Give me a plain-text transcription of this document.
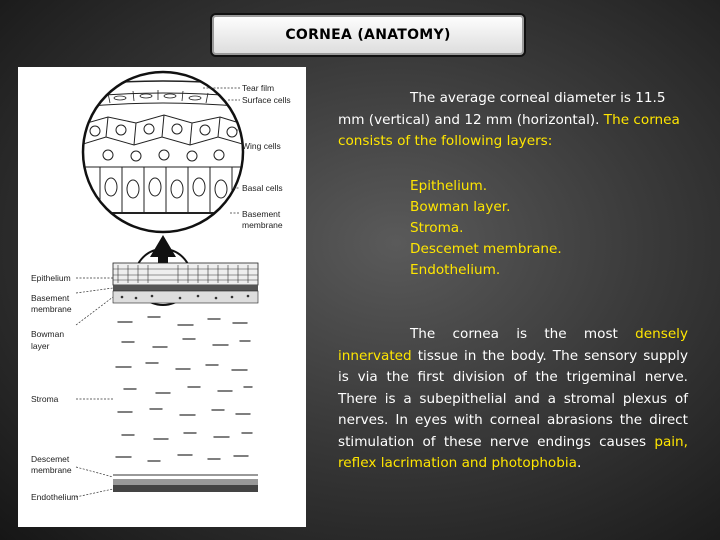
CORNEA (ANATOMY)
Tear film
Surface cells
Wing cells
Basal cells
Basement
membrane
Epithelium
Basement
membrane
Bowman
layer
Stroma
Descemet
membrane
Endothelium
The average corneal diameter is 11.5 mm (vertical) and 12 mm (horizontal). The cornea consists of the following layers:
Epithelium.
Bowman layer.
Stroma.
Descemet membrane.
Endothelium.
The cornea is the most densely innervated tissue in the body. The sensory supply is via the first division of the trigeminal nerve. There is a subepithelial and a stromal plexus of nerves. In eyes with corneal abrasions the direct stimulation of these nerve endings causes pain, reflex lacrimation and photophobia.
